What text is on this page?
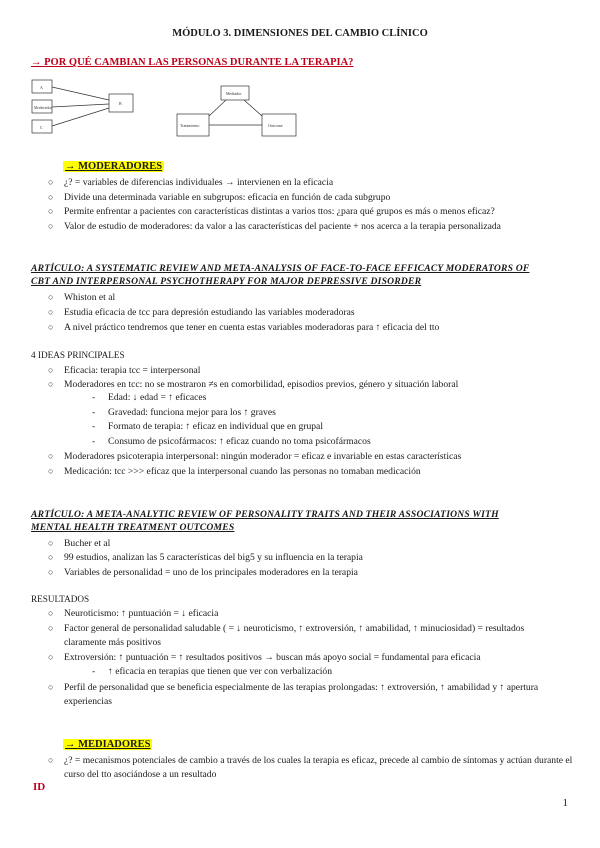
MÓDULO 3. DIMENSIONES DEL CAMBIO CLÍNICO
→ POR QUÉ CAMBIAN LAS PERSONAS DURANTE LA TERAPIA?
A
Moderador
C
B
Mediador
Tratamiento	Outcome
→ MODERADORES
○ ¿? = variables de diferencias individuales → intervienen en la eficacia
○ Divide una determinada variable en subgrupos: eficacia en función de cada subgrupo
○ Permite enfrentar a pacientes con características distintas a varios ttos: ¿para qué grupos es más o menos eficaz?
○ Valor de estudio de moderadores: da valor a las características del paciente + nos acerca a la terapia personalizada
ARTÍCULO: A SYSTEMATIC REVIEW AND META-ANALYSIS OF FACE-TO-FACE EFFICACY MODERATORS OF
CBT AND INTERPERSONAL PSYCHOTHERAPY FOR MAJOR DEPRESSIVE DISORDER
○ Whiston et al
○ Estudia eficacia de tcc para depresión estudiando las variables moderadoras
○ A nivel práctico tendremos que tener en cuenta estas variables moderadoras para ↑ eficacia del tto
4 IDEAS PRINCIPALES
○ Eficacia: terapia tcc = interpersonal
○ Moderadores en tcc: no se mostraron ≠s en comorbilidad, episodios previos, género y situación laboral
- Edad: ↓ edad = ↑ eficaces
- Gravedad: funciona mejor para los ↑ graves
- Formato de terapia: ↑ eficaz en individual que en grupal
- Consumo de psicofármacos: ↑ eficaz cuando no toma psicofármacos
○ Moderadores psicoterapia interpersonal: ningún moderador = eficaz e invariable en estas características
○ Medicación: tcc >>> eficaz que la interpersonal cuando las personas no tomaban medicación
ARTÍCULO: A META-ANALYTIC REVIEW OF PERSONALITY TRAITS AND THEIR ASSOCIATIONS WITH
MENTAL HEALTH TREATMENT OUTCOMES
○ Bucher et al
○ 99 estudios, analizan las 5 características del big5 y su influencia en la terapia
○ Variables de personalidad = uno de los principales moderadores en la terapia
RESULTADOS
○ Neuroticismo: ↑ puntuación = ↓ eficacia
○ Factor general de personalidad saludable ( = ↓ neuroticismo, ↑ extroversión, ↑ amabilidad, ↑ minuciosidad) = resultados claramente más positivos
○ Extroversión: ↑ puntuación = ↑ resultados positivos → buscan más apoyo social = fundamental para eficacia
- ↑ eficacia en terapias que tienen que ver con verbalización
○ Perfil de personalidad que se beneficia especialmente de las terapias prolongadas: ↑ extroversión, ↑ amabilidad y ↑ apertura experiencias
→ MEDIADORES
○ ¿? = mecanismos potenciales de cambio a través de los cuales la terapia es eficaz, precede al cambio de síntomas y actúan durante el curso del tto asociándose a un resultado
ID
1
